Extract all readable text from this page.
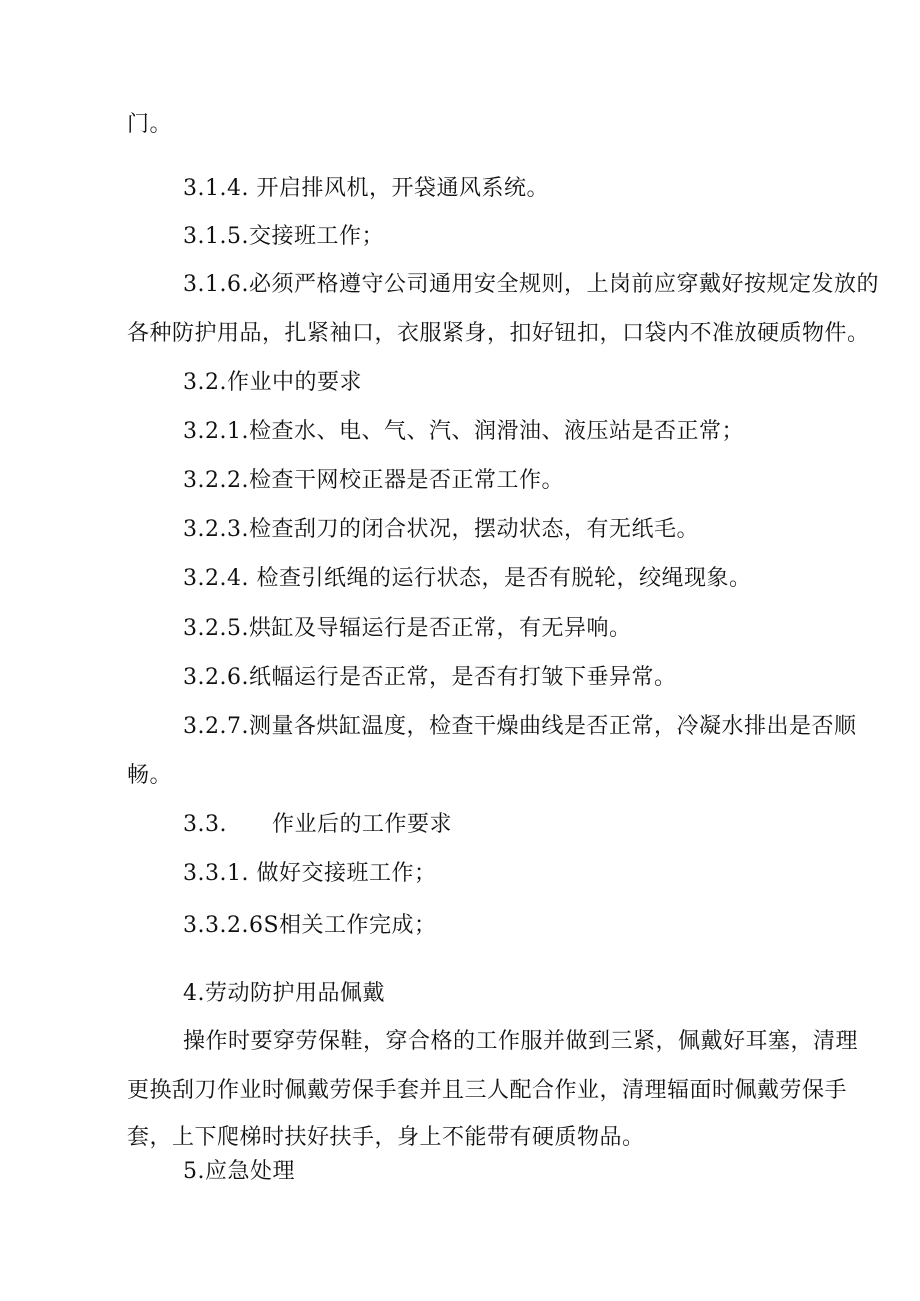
门。
3.1.4. 开启排风机，开袋通风系统。
3.1.5.交接班工作；
3.1.6.必须严格遵守公司通用安全规则，上岗前应穿戴好按规定发放的
各种防护用品，扎紧袖口，衣服紧身，扣好钮扣，口袋内不准放硬质物件。
3.2.作业中的要求
3.2.1.检查水、电、气、汽、润滑油、液压站是否正常；
3.2.2.检查干网校正器是否正常工作。
3.2.3.检查刮刀的闭合状况，摆动状态，有无纸毛。
3.2.4. 检查引纸绳的运行状态，是否有脱轮，绞绳现象。
3.2.5.烘缸及导辐运行是否正常，有无异响。
3.2.6.纸幅运行是否正常，是否有打皱下垂异常。
3.2.7.测量各烘缸温度，检查干燥曲线是否正常，冷凝水排出是否顺
畅。
3.3.      作业后的工作要求
3.3.1. 做好交接班工作；
3.3.2.6S相关工作完成；
4.劳动防护用品佩戴
操作时要穿劳保鞋，穿合格的工作服并做到三紧，佩戴好耳塞，清理
更换刮刀作业时佩戴劳保手套并且三人配合作业，清理辐面时佩戴劳保手
套，上下爬梯时扶好扶手，身上不能带有硬质物品。
5.应急处理
